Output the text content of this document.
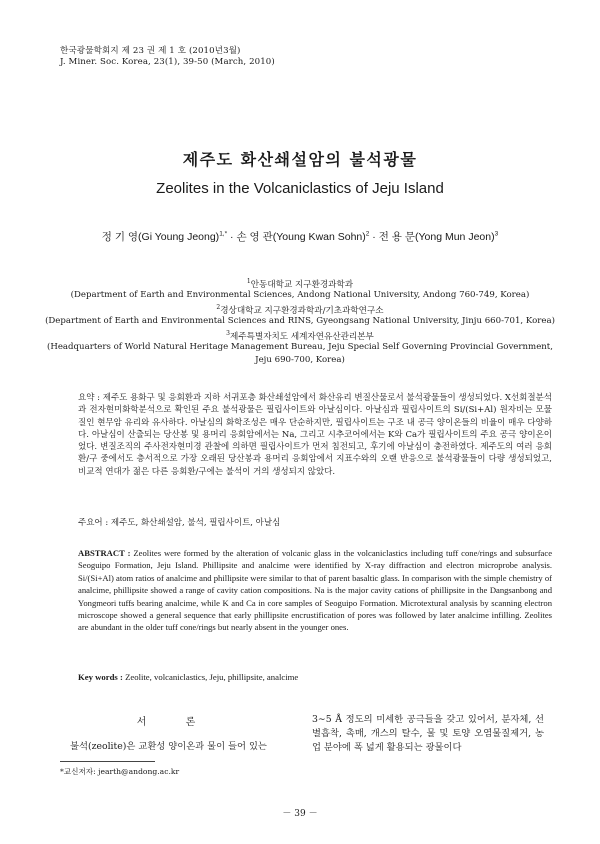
한국광물학회지 제 23 권 제 1 호 (2010년3월)
J. Miner. Soc. Korea, 23(1), 39-50 (March, 2010)
제주도 화산쇄설암의 불석광물
Zeolites in the Volcaniclastics of Jeju Island
정 기 영(Gi Young Jeong)$^{1,*}$ · 손 영 관(Young Kwan Sohn)$^2$ · 전 용 문(Yong Mun Jeon)$^3$
$^1$안동대학교 지구환경과학과
(Department of Earth and Environmental Sciences, Andong National University, Andong 760-749, Korea)
$^2$경상대학교 지구환경과학과/기초과학연구소
(Department of Earth and Environmental Sciences and RINS, Gyeongsang National University, Jinju 660-701, Korea)
$^3$제주특별자치도 세계자연유산관리본부
(Headquarters of World Natural Heritage Management Bureau, Jeju Special Self Governing Provincial Government,
Jeju 690-700, Korea)
요약 : 제주도 용화구 및 응회환과 지하 서귀포층 화산쇄설암에서 화산유리 변질산물로서 불석광물들이 생성되었다. X선회절분석과 전자현미화학분석으로 확인된 주요 불석광물은 필립사이트와 아날심이다. 아날심과 필립사이트의 Si/(Si+Al) 원자비는 모물질인 현무암 유리와 유사하다. 아날심의 화학조성은 매우 단순하지만, 필립사이트는 구조 내 공극 양이온들의 비율이 매우 다양하다. 아날심이 산출되는 당산봉 및 용머리 응회암에서는 Na, 그리고 시추코어에서는 K와 Ca가 필립사이트의 주요 공극 양이온이었다. 변질조직의 주사전자현미경 관찰에 의하면 필립사이트가 먼저 침전되고, 후기에 아날심이 충전하였다. 제주도의 여러 응회환/구 중에서도 층서적으로 가장 오래된 당산봉과 용머리 응회암에서 지표수와의 오랜 반응으로 불석광물들이 다량 생성되었고, 비교적 연대가 젊은 다른 응회환/구에는 불석이 거의 생성되지 않았다.
주요어 : 제주도, 화산쇄설암, 불석, 필립사이트, 아날심
ABSTRACT : Zeolites were formed by the alteration of volcanic glass in the volcaniclastics including tuff cone/rings and subsurface Seoguipo Formation, Jeju Island. Phillipsite and analcime were identified by X-ray diffraction and electron microprobe analysis. Si/(Si+Al) atom ratios of analcime and phillipsite were similar to that of parent basaltic glass. In comparison with the simple chemistry of analcime, phillipsite showed a range of cavity cation compositions. Na is the major cavity cations of phillipsite in the Dangsanbong and Yongmeori tuffs bearing analcime, while K and Ca in core samples of Seoguipo Formation. Microtextural analysis by scanning electron microscope showed a general sequence that early phillipsite encrustification of pores was followed by later analcime infilling. Zeolites are abundant in the older tuff cone/rings but nearly absent in the younger ones.
Key words : Zeolite, volcaniclastics, Jeju, phillipsite, analcime
서 론
불석(zeolite)은 교환성 양이온과 물이 들어 있는
3∼5 Å 정도의 미세한 공극들을 갖고 있어서, 분자체, 선별흡착, 촉매, 개스의 탈수, 물 및 토양 오염물질제거, 농업 분야에 폭 넓게 활용되는 광물이다
*교신저자: jearth@andong.ac.kr
－ 39 －
